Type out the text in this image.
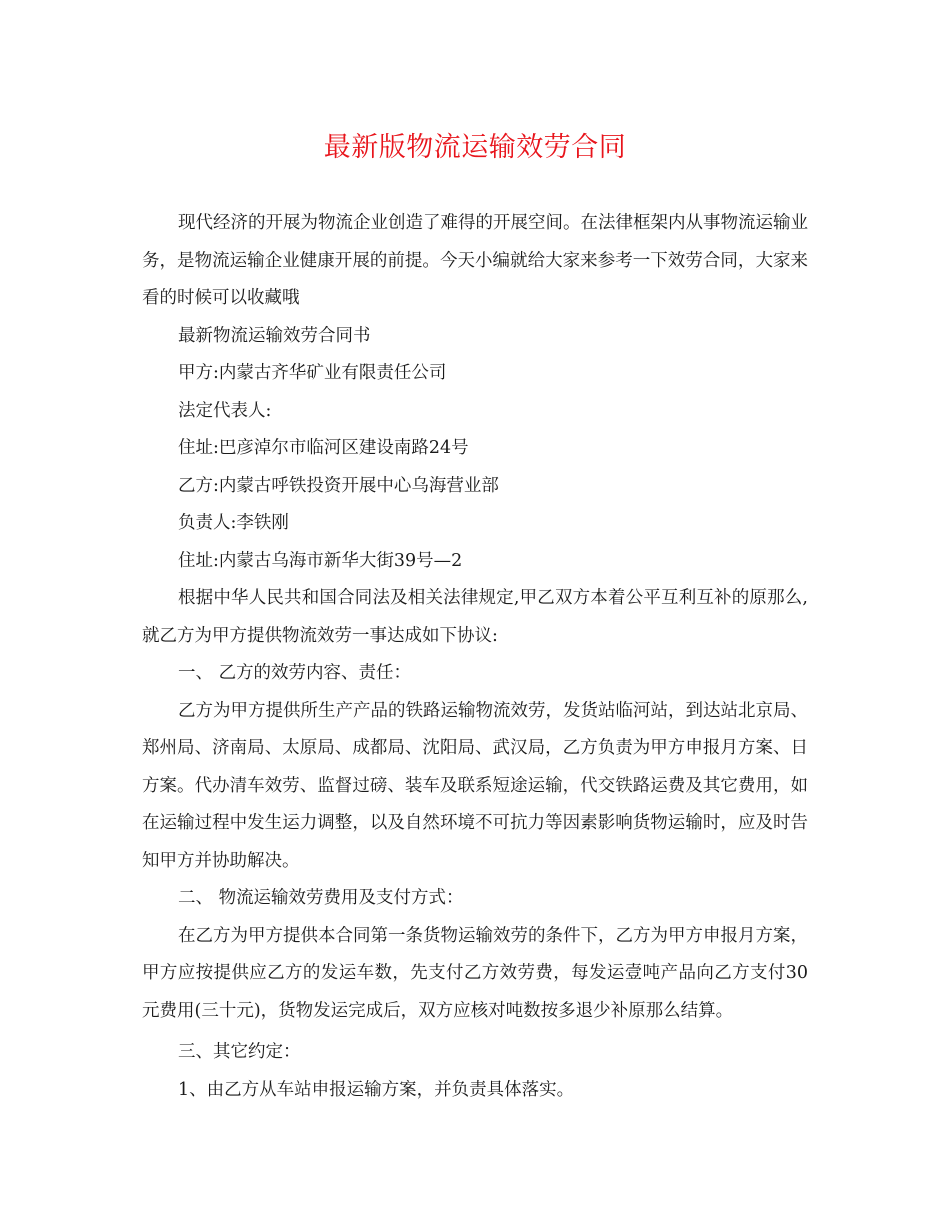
最新版物流运输效劳合同

现代经济的开展为物流企业创造了难得的开展空间。在法律框架内从事物流运输业务，是物流运输企业健康开展的前提。今天小编就给大家来参考一下效劳合同，大家来看的时候可以收藏哦

最新物流运输效劳合同书

甲方:内蒙古齐华矿业有限责任公司

法定代表人:

住址:巴彦淖尔市临河区建设南路24号

乙方:内蒙古呼铁投资开展中心乌海营业部

负责人:李铁刚

住址:内蒙古乌海市新华大街39号—2

根据中华人民共和国合同法及相关法律规定,甲乙双方本着公平互利互补的原那么,就乙方为甲方提供物流效劳一事达成如下协议:

一、 乙方的效劳内容、责任：

乙方为甲方提供所生产产品的铁路运输物流效劳，发货站临河站，到达站北京局、郑州局、济南局、太原局、成都局、沈阳局、武汉局，乙方负责为甲方申报月方案、日方案。代办清车效劳、监督过磅、装车及联系短途运输，代交铁路运费及其它费用，如在运输过程中发生运力调整，以及自然环境不可抗力等因素影响货物运输时，应及时告知甲方并协助解决。

二、 物流运输效劳费用及支付方式：

在乙方为甲方提供本合同第一条货物运输效劳的条件下，乙方为甲方申报月方案，甲方应按提供应乙方的发运车数，先支付乙方效劳费，每发运壹吨产品向乙方支付30元费用(三十元)，货物发运完成后，双方应核对吨数按多退少补原那么结算。

三、其它约定：

1、由乙方从车站申报运输方案，并负责具体落实。
